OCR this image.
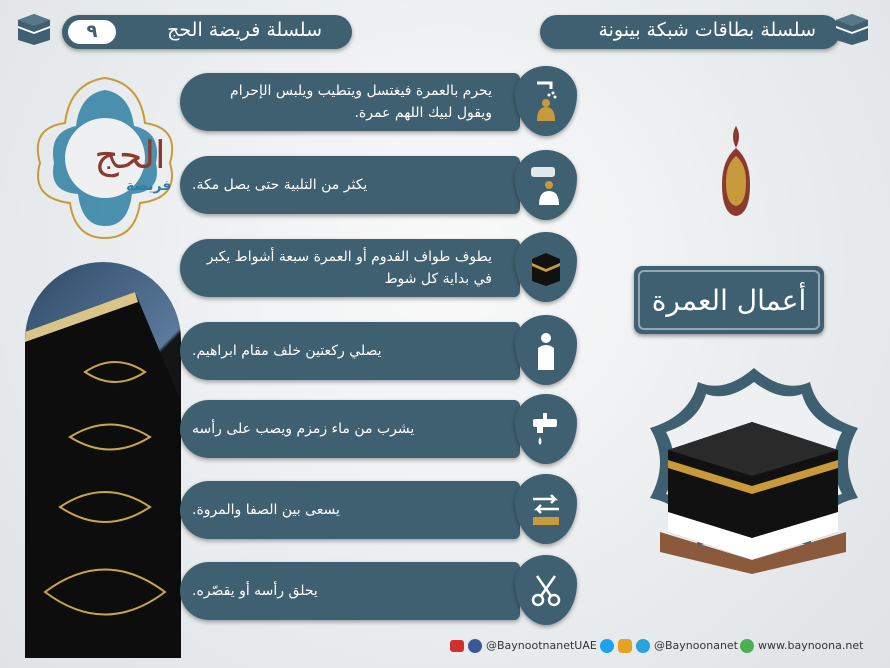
سلسلة بطاقات شبكة بينونة
٩	سلسلة فريضة الحج
الحج
فريضة
يحرم بالعمرة فيغتسل ويتطيب ويلبس الإحرام ويقول لبيك اللهم عمرة.
يكثر من التلبية حتى يصل مكة.
يطوف طواف القدوم أو العمرة سبعة أشواط يكبر في بداية كل شوط
يصلي ركعتين خلف مقام ابراهيم.
يشرب من ماء زمزم ويصب على رأسه
يسعى بين الصفا والمروة.
يحلق رأسه أو يقصّره.
أعمال العمرة
@BaynootnanetUAE	@Baynoonanet www.baynoona.net
